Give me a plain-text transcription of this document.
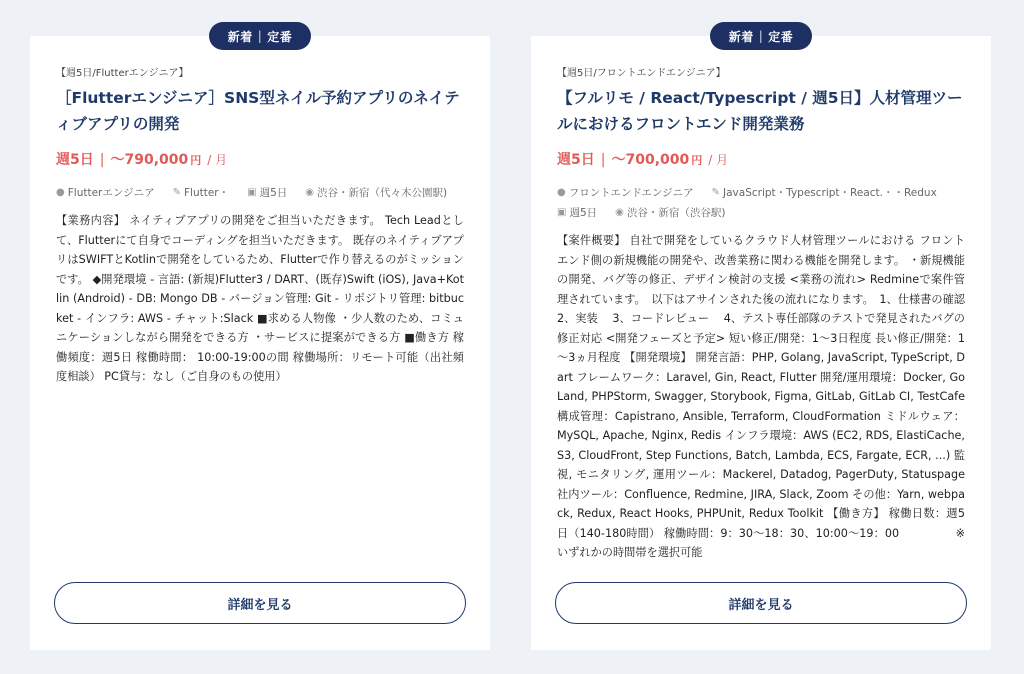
新着 | 定番
【週5日/Flutterエンジニア】
［Flutterエンジニア］SNS型ネイル予約アプリのネイティブアプリの開発
週5日 | 〜790,000 円 / 月
● Flutterエンジニア ✎ Flutter・ ▣ 週5日 ◉ 渋谷・新宿（代々木公園駅)
【業務内容】 ネイティブアプリの開発をご担当いただきます。 Tech Leadとして、Flutterにて自身でコーディングを担当いただきます。 既存のネイティブアプリはSWIFTとKotlinで開発をしているため、Flutterで作り替えるのがミッションです。 ◆開発環境 - 言語: (新規)Flutter3 / DART、(既存)Swift (iOS), Java+Kotlin (Android) - DB: Mongo DB - バージョン管理: Git - リポジトリ管理: bitbucket - インフラ: AWS - チャット:Slack ■求める人物像 ・少人数のため、コミュニケーションしながら開発をできる方 ・サービスに提案ができる方 ■働き方 稼働頻度：週5日 稼働時間： 10:00-19:00の間 稼働場所：リモート可能（出社頻度相談） PC貸与：なし（ご自身のもの使用）
詳細を見る
新着 | 定番
【週5日/フロントエンドエンジニア】
【フルリモ / React/Typescript / 週5日】人材管理ツールにおけるフロントエンド開発業務
週5日 | 〜700,000 円 / 月
● フロントエンドエンジニア ✎ JavaScript・Typescript・React.・・Redux
▣ 週5日 ◉ 渋谷・新宿（渋谷駅)
【案件概要】 自社で開発をしているクラウド人材管理ツールにおける フロントエンド側の新規機能の開発や、改善業務に関わる機能を開発します。 ・新規機能の開発、バグ等の修正、デザイン検討の支援 <業務の流れ> Redmineで案件管理されています。　以下はアサインされた後の流れになります。　1、仕様書の確認　 2、実装　 3、コードレビュー　 4、テスト専任部隊のテストで発見されたバグの修正対応 <開発フェーズと予定> 短い修正/開発：1～3日程度 長い修正/開発：1～3ヵ月程度 【開発環境】 開発言語：PHP, Golang, JavaScript, TypeScript, Dart フレームワーク：Laravel, Gin, React, Flutter 開発/運用環境：Docker, GoLand, PHPStorm, Swagger, Storybook, Figma, GitLab, GitLab CI, TestCafe 構成管理：Capistrano, Ansible, Terraform, CloudFormation ミドルウェア：MySQL, Apache, Nginx, Redis インフラ環境：AWS (EC2, RDS, ElastiCache, S3, CloudFront, Step Functions, Batch, Lambda, ECS, Fargate, ECR, ...) 監視, モニタリング, 運用ツール：Mackerel, Datadog, PagerDuty, Statuspage 社内ツール：Confluence, Redmine, JIRA, Slack, Zoom その他：Yarn, webpack, Redux, React Hooks, PHPUnit, Redux Toolkit 【働き方】 稼働日数：週5日（140-180時間） 稼働時間：9：30〜18：30、10:00〜19：00　　　　　※いずれかの時間帯を選択可能
詳細を見る
